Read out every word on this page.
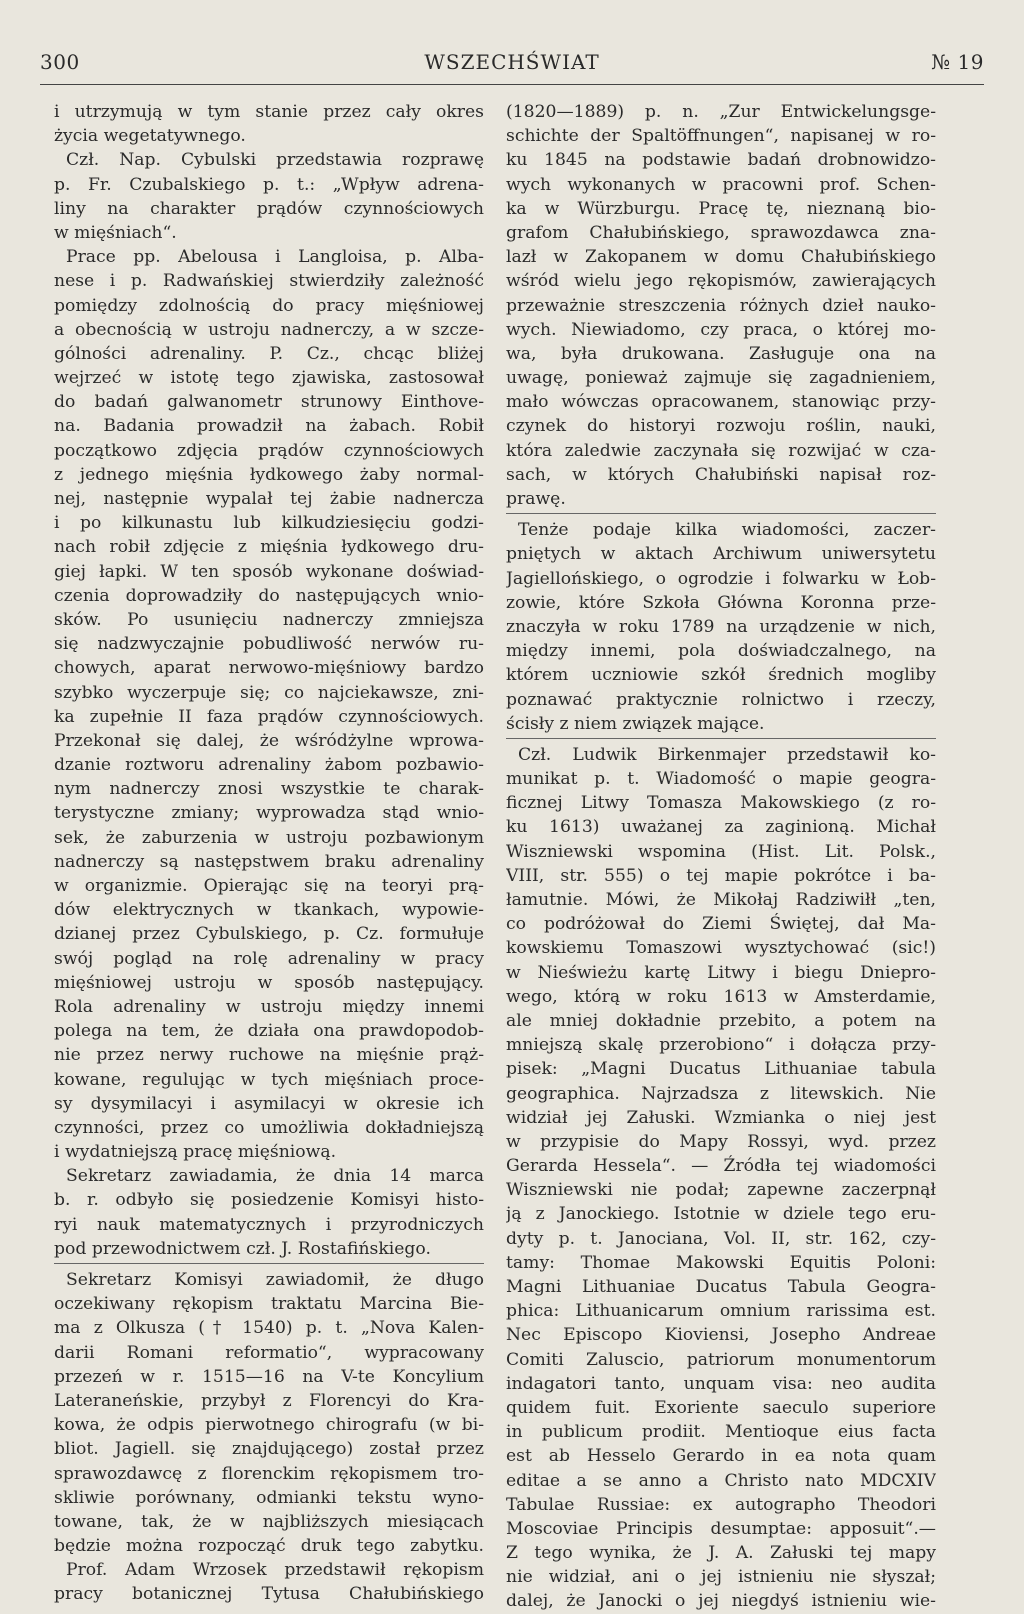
300	WSZECHŚWIAT	№ 19
i utrzymują w tym stanie przez cały okres
życia wegetatywnego.
Czł. Nap. Cybulski przedstawia rozprawę
p. Fr. Czubalskiego p. t.: „Wpływ adrena-
liny na charakter prądów czynnościowych
w mięśniach“.
Prace pp. Abelousa i Langloisa, p. Alba-
nese i p. Radwańskiej stwierdziły zależność
pomiędzy zdolnością do pracy mięśniowej
a obecnością w ustroju nadnerczy, a w szcze-
gólności adrenaliny. P. Cz., chcąc bliżej
wejrzeć w istotę tego zjawiska, zastosował
do badań galwanometr strunowy Einthove-
na. Badania prowadził na żabach. Robił
początkowo zdjęcia prądów czynnościowych
z jednego mięśnia łydkowego żaby normal-
nej, następnie wypalał tej żabie nadnercza
i po kilkunastu lub kilkudziesięciu godzi-
nach robił zdjęcie z mięśnia łydkowego dru-
giej łapki. W ten sposób wykonane doświad-
czenia doprowadziły do następujących wnio-
sków. Po usunięciu nadnerczy zmniejsza
się nadzwyczajnie pobudliwość nerwów ru-
chowych, aparat nerwowo-mięśniowy bardzo
szybko wyczerpuje się; co najciekawsze, zni-
ka zupełnie II faza prądów czynnościowych.
Przekonał się dalej, że wśródżylne wprowa-
dzanie roztworu adrenaliny żabom pozbawio-
nym nadnerczy znosi wszystkie te charak-
terystyczne zmiany; wyprowadza stąd wnio-
sek, że zaburzenia w ustroju pozbawionym
nadnerczy są następstwem braku adrenaliny
w organizmie. Opierając się na teoryi prą-
dów elektrycznych w tkankach, wypowie-
dzianej przez Cybulskiego, p. Cz. formułuje
swój pogląd na rolę adrenaliny w pracy
mięśniowej ustroju w sposób następujący.
Rola adrenaliny w ustroju między innemi
polega na tem, że działa ona prawdopodob-
nie przez nerwy ruchowe na mięśnie prąż-
kowane, regulując w tych mięśniach proce-
sy dysymilacyi i asymilacyi w okresie ich
czynności, przez co umożliwia dokładniejszą
i wydatniejszą pracę mięśniową.
Sekretarz zawiadamia, że dnia 14 marca
b. r. odbyło się posiedzenie Komisyi histo-
ryi nauk matematycznych i przyrodniczych
pod przewodnictwem czł. J. Rostafińskiego.
Sekretarz Komisyi zawiadomił, że długo
oczekiwany rękopism traktatu Marcina Bie-
ma z Olkusza († 1540) p. t. „Nova Kalen-
darii Romani reformatio“, wypracowany
przezeń w r. 1515—16 na V-te Koncylium
Lateraneńskie, przybył z Florencyi do Kra-
kowa, że odpis pierwotnego chirografu (w bi-
bliot. Jagiell. się znajdującego) został przez
sprawozdawcę z florenckim rękopismem tro-
skliwie porównany, odmianki tekstu wyno-
towane, tak, że w najbliższych miesiącach
będzie można rozpocząć druk tego zabytku.
Prof. Adam Wrzosek przedstawił rękopism
pracy botanicznej Tytusa Chałubińskiego
(1820—1889) p. n. „Zur Entwickelungsge-
schichte der Spaltöffnungen“, napisanej w ro-
ku 1845 na podstawie badań drobnowidzo-
wych wykonanych w pracowni prof. Schen-
ka w Würzburgu. Pracę tę, nieznaną bio-
grafom Chałubińskiego, sprawozdawca zna-
lazł w Zakopanem w domu Chałubińskiego
wśród wielu jego rękopismów, zawierających
przeważnie streszczenia różnych dzieł nauko-
wych. Niewiadomo, czy praca, o której mo-
wa, była drukowana. Zasługuje ona na
uwagę, ponieważ zajmuje się zagadnieniem,
mało wówczas opracowanem, stanowiąc przy-
czynek do historyi rozwoju roślin, nauki,
która zaledwie zaczynała się rozwijać w cza-
sach, w których Chałubiński napisał roz-
prawę.
Tenże podaje kilka wiadomości, zaczer-
pniętych w aktach Archiwum uniwersytetu
Jagiellońskiego, o ogrodzie i folwarku w Łob-
zowie, które Szkoła Główna Koronna prze-
znaczyła w roku 1789 na urządzenie w nich,
między innemi, pola doświadczalnego, na
którem uczniowie szkół średnich mogliby
poznawać praktycznie rolnictwo i rzeczy,
ścisły z niem związek mające.
Czł. Ludwik Birkenmajer przedstawił ko-
munikat p. t. Wiadomość o mapie geogra-
ficznej Litwy Tomasza Makowskiego (z ro-
ku 1613) uważanej za zaginioną. Michał
Wiszniewski wspomina (Hist. Lit. Polsk.,
VIII, str. 555) o tej mapie pokrótce i ba-
łamutnie. Mówi, że Mikołaj Radziwiłł „ten,
co podróżował do Ziemi Świętej, dał Ma-
kowskiemu Tomaszowi wysztychować (sic!)
w Nieświeżu kartę Litwy i biegu Dniepro-
wego, którą w roku 1613 w Amsterdamie,
ale mniej dokładnie przebito, a potem na
mniejszą skalę przerobiono“ i dołącza przy-
pisek: „Magni Ducatus Lithuaniae tabula
geographica. Najrzadsza z litewskich. Nie
widział jej Załuski. Wzmianka o niej jest
w przypisie do Mapy Rossyi, wyd. przez
Gerarda Hessela“. — Źródła tej wiadomości
Wiszniewski nie podał; zapewne zaczerpnął
ją z Janockiego. Istotnie w dziele tego eru-
dyty p. t. Janociana, Vol. II, str. 162, czy-
tamy: Thomae Makowski Equitis Poloni:
Magni Lithuaniae Ducatus Tabula Geogra-
phica: Lithuanicarum omnium rarissima est.
Nec Episcopo Kioviensi, Josepho Andreae
Comiti Zaluscio, patriorum monumentorum
indagatori tanto, unquam visa: neo audita
quidem fuit. Exoriente saeculo superiore
in publicum prodiit. Mentioque eius facta
est ab Hesselo Gerardo in ea nota quam
editae a se anno a Christo nato MDCXIV
Tabulae Russiae: ex autographo Theodori
Moscoviae Principis desumptae: apposuit“.—
Z tego wynika, że J. A. Załuski tej mapy
nie widział, ani o jej istnieniu nie słyszał;
dalej, że Janocki o jej niegdyś istnieniu wie-
